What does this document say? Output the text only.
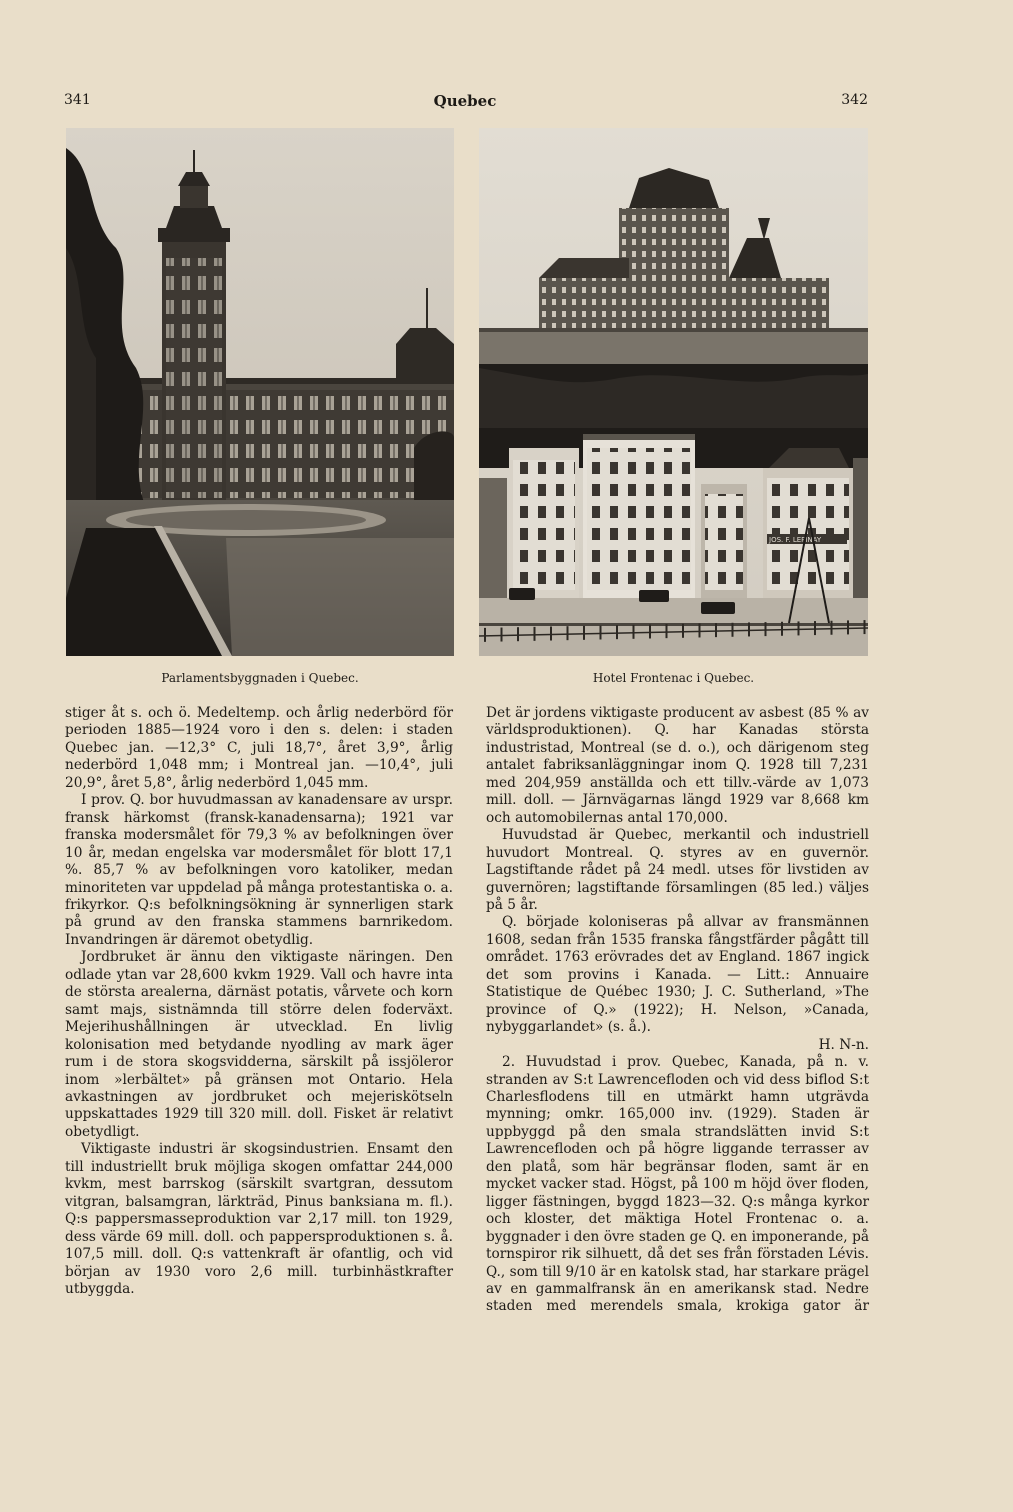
341	Quebec	342
JOS. F. LEPINAY
Parlamentsbyggnaden i Quebec.	Hotel Frontenac i Quebec.

stiger åt s. och ö. Medeltemp. och årlig nederbörd för perioden 1885—1924 voro i den s. delen: i staden Quebec jan. —12,3° C, juli 18,7°, året 3,9°, årlig nederbörd 1,048 mm; i Montreal jan. —10,4°, juli 20,9°, året 5,8°, årlig nederbörd 1,045 mm.

I prov. Q. bor huvudmassan av kanadensare av urspr. fransk härkomst (fransk-kanadensarna); 1921 var franska modersmålet för 79,3 % av befolkningen över 10 år, medan engelska var modersmålet för blott 17,1 %. 85,7 % av befolkningen voro katoliker, medan minoriteten var uppdelad på många protestantiska o. a. frikyrkor. Q:s befolkningsökning är synnerligen stark på grund av den franska stammens barnrikedom. Invandringen är däremot obetydlig.

Jordbruket är ännu den viktigaste näringen. Den odlade ytan var 28,600 kvkm 1929. Vall och havre inta de största arealerna, därnäst potatis, vårvete och korn samt majs, sistnämnda till större delen foderväxt. Mejerihushållningen är utvecklad. En livlig kolonisation med betydande nyodling av mark äger rum i de stora skogsvidderna, särskilt på issjöleror inom »lerbältet» på gränsen mot Ontario. Hela avkastningen av jordbruket och mejeriskötseln uppskattades 1929 till 320 mill. doll. Fisket är relativt obetydligt.

Viktigaste industri är skogsindustrien. Ensamt den till industriellt bruk möjliga skogen omfattar 244,000 kvkm, mest barrskog (särskilt svartgran, dessutom vitgran, balsamgran, lärkträd, Pinus banksiana m. fl.). Q:s pappersmasseproduktion var 2,17 mill. ton 1929, dess värde 69 mill. doll. och pappersproduktionen s. å. 107,5 mill. doll. Q:s vattenkraft är ofantlig, och vid början av 1930 voro 2,6 mill. turbinhästkrafter utbyggda.

Det är jordens viktigaste producent av asbest (85 % av världsproduktionen). Q. har Kanadas största industristad, Montreal (se d. o.), och därigenom steg antalet fabriksanläggningar inom Q. 1928 till 7,231 med 204,959 anställda och ett tillv.-värde av 1,073 mill. doll. — Järnvägarnas längd 1929 var 8,668 km och automobilernas antal 170,000.

Huvudstad är Quebec, merkantil och industriell huvudort Montreal. Q. styres av en guvernör. Lagstiftande rådet på 24 medl. utses för livstiden av guvernören; lagstiftande församlingen (85 led.) väljes på 5 år.

Q. började koloniseras på allvar av fransmännen 1608, sedan från 1535 franska fångstfärder pågått till området. 1763 erövrades det av England. 1867 ingick det som provins i Kanada. — Litt.: Annuaire Statistique de Québec 1930; J. C. Sutherland, »The province of Q.» (1922); H. Nelson, »Canada, nybyggarlandet» (s. å.).

H. N-n.

2. Huvudstad i prov. Quebec, Kanada, på n. v. stranden av S:t Lawrencefloden och vid dess biflod S:t Charlesflodens till en utmärkt hamn utgrävda mynning; omkr. 165,000 inv. (1929). Staden är uppbyggd på den smala strandslätten invid S:t Lawrencefloden och på högre liggande terrasser av den platå, som här begränsar floden, samt är en mycket vacker stad. Högst, på 100 m höjd över floden, ligger fästningen, byggd 1823—32. Q:s många kyrkor och kloster, det mäktiga Hotel Frontenac o. a. byggnader i den övre staden ge Q. en imponerande, på tornspiror rik silhuett, då det ses från förstaden Lévis. Q., som till 9/10 är en katolsk stad, har starkare prägel av en gammalfransk än en amerikansk stad. Nedre staden med merendels smala, krokiga gator är
